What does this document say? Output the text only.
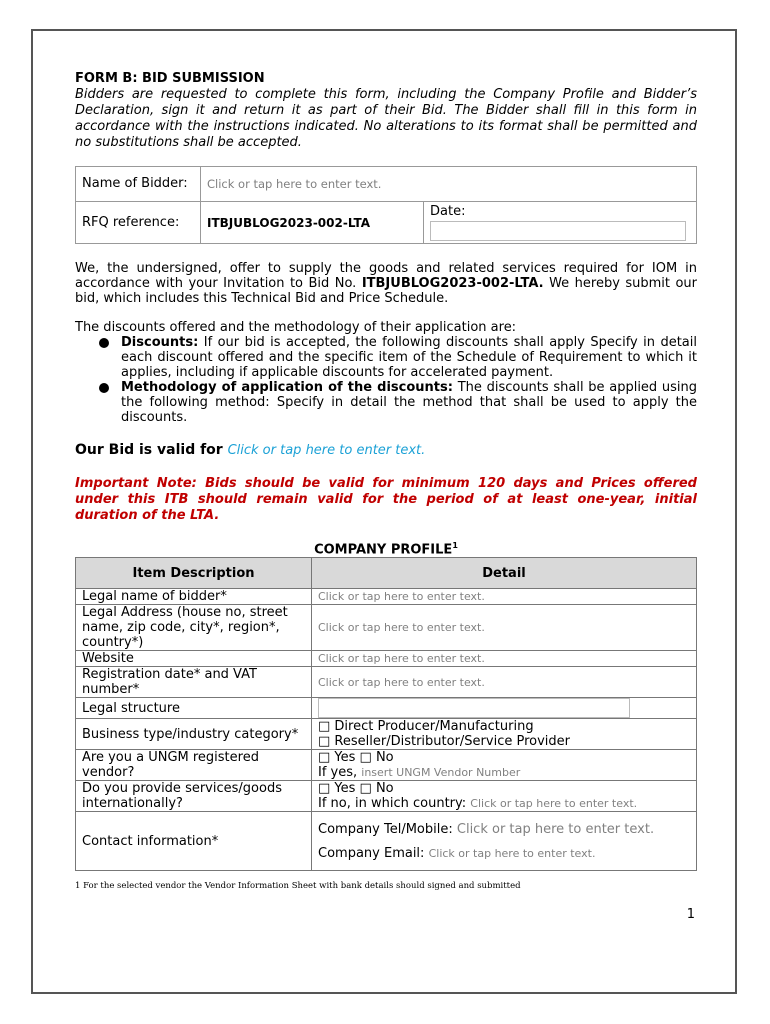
FORM B: BID SUBMISSION

Bidders are requested to complete this form, including the Company Profile and Bidder’s Declaration, sign it and return it as part of their Bid. The Bidder shall fill in this form in accordance with the instructions indicated. No alterations to its format shall be permitted and no substitutions shall be accepted.

Name of Bidder:	Click or tap here to enter text.	
RFQ reference:	ITBJUBLOG2023-002-LTA	Date:

We, the undersigned, offer to supply the goods and related services required for IOM in accordance with your Invitation to Bid No. ITBJUBLOG2023-002-LTA. We hereby submit our bid, which includes this Technical Bid and Price Schedule.

The discounts offered and the methodology of their application are:

Discounts: If our bid is accepted, the following discounts shall apply Specify in detail each discount offered and the specific item of the Schedule of Requirement to which it applies, including if applicable discounts for accelerated payment.
Methodology of application of the discounts: The discounts shall be applied using the following method: Specify in detail the method that shall be used to apply the discounts.
Our Bid is valid for Click or tap here to enter text.
Important Note: Bids should be valid for minimum 120 days and Prices offered under this ITB should remain valid for the period of at least one-year, initial duration of the LTA.
COMPANY PROFILE$^1$
Item Description	Detail
Legal name of bidder*	Click or tap here to enter text.
Legal Address (house no, street name, zip code, city*, region*, country*)	Click or tap here to enter text.
Website	Click or tap here to enter text.
Registration date* and VAT number*	Click or tap here to enter text.
Legal structure	

Business type/industry category*	□ Direct Producer/Manufacturing
□ Reseller/Distributor/Service Provider

Are you a UNGM registered vendor?	□ Yes □ No
If yes, insert UNGM Vendor Number

Do you provide services/goods internationally?	□ Yes □ No
If no, in which country: Click or tap here to enter text.

Contact information*	Company Tel/Mobile: Click or tap here to enter text.
Company Email: Click or tap here to enter text.
1 For the selected vendor the Vendor Information Sheet with bank details should signed and submitted
1
